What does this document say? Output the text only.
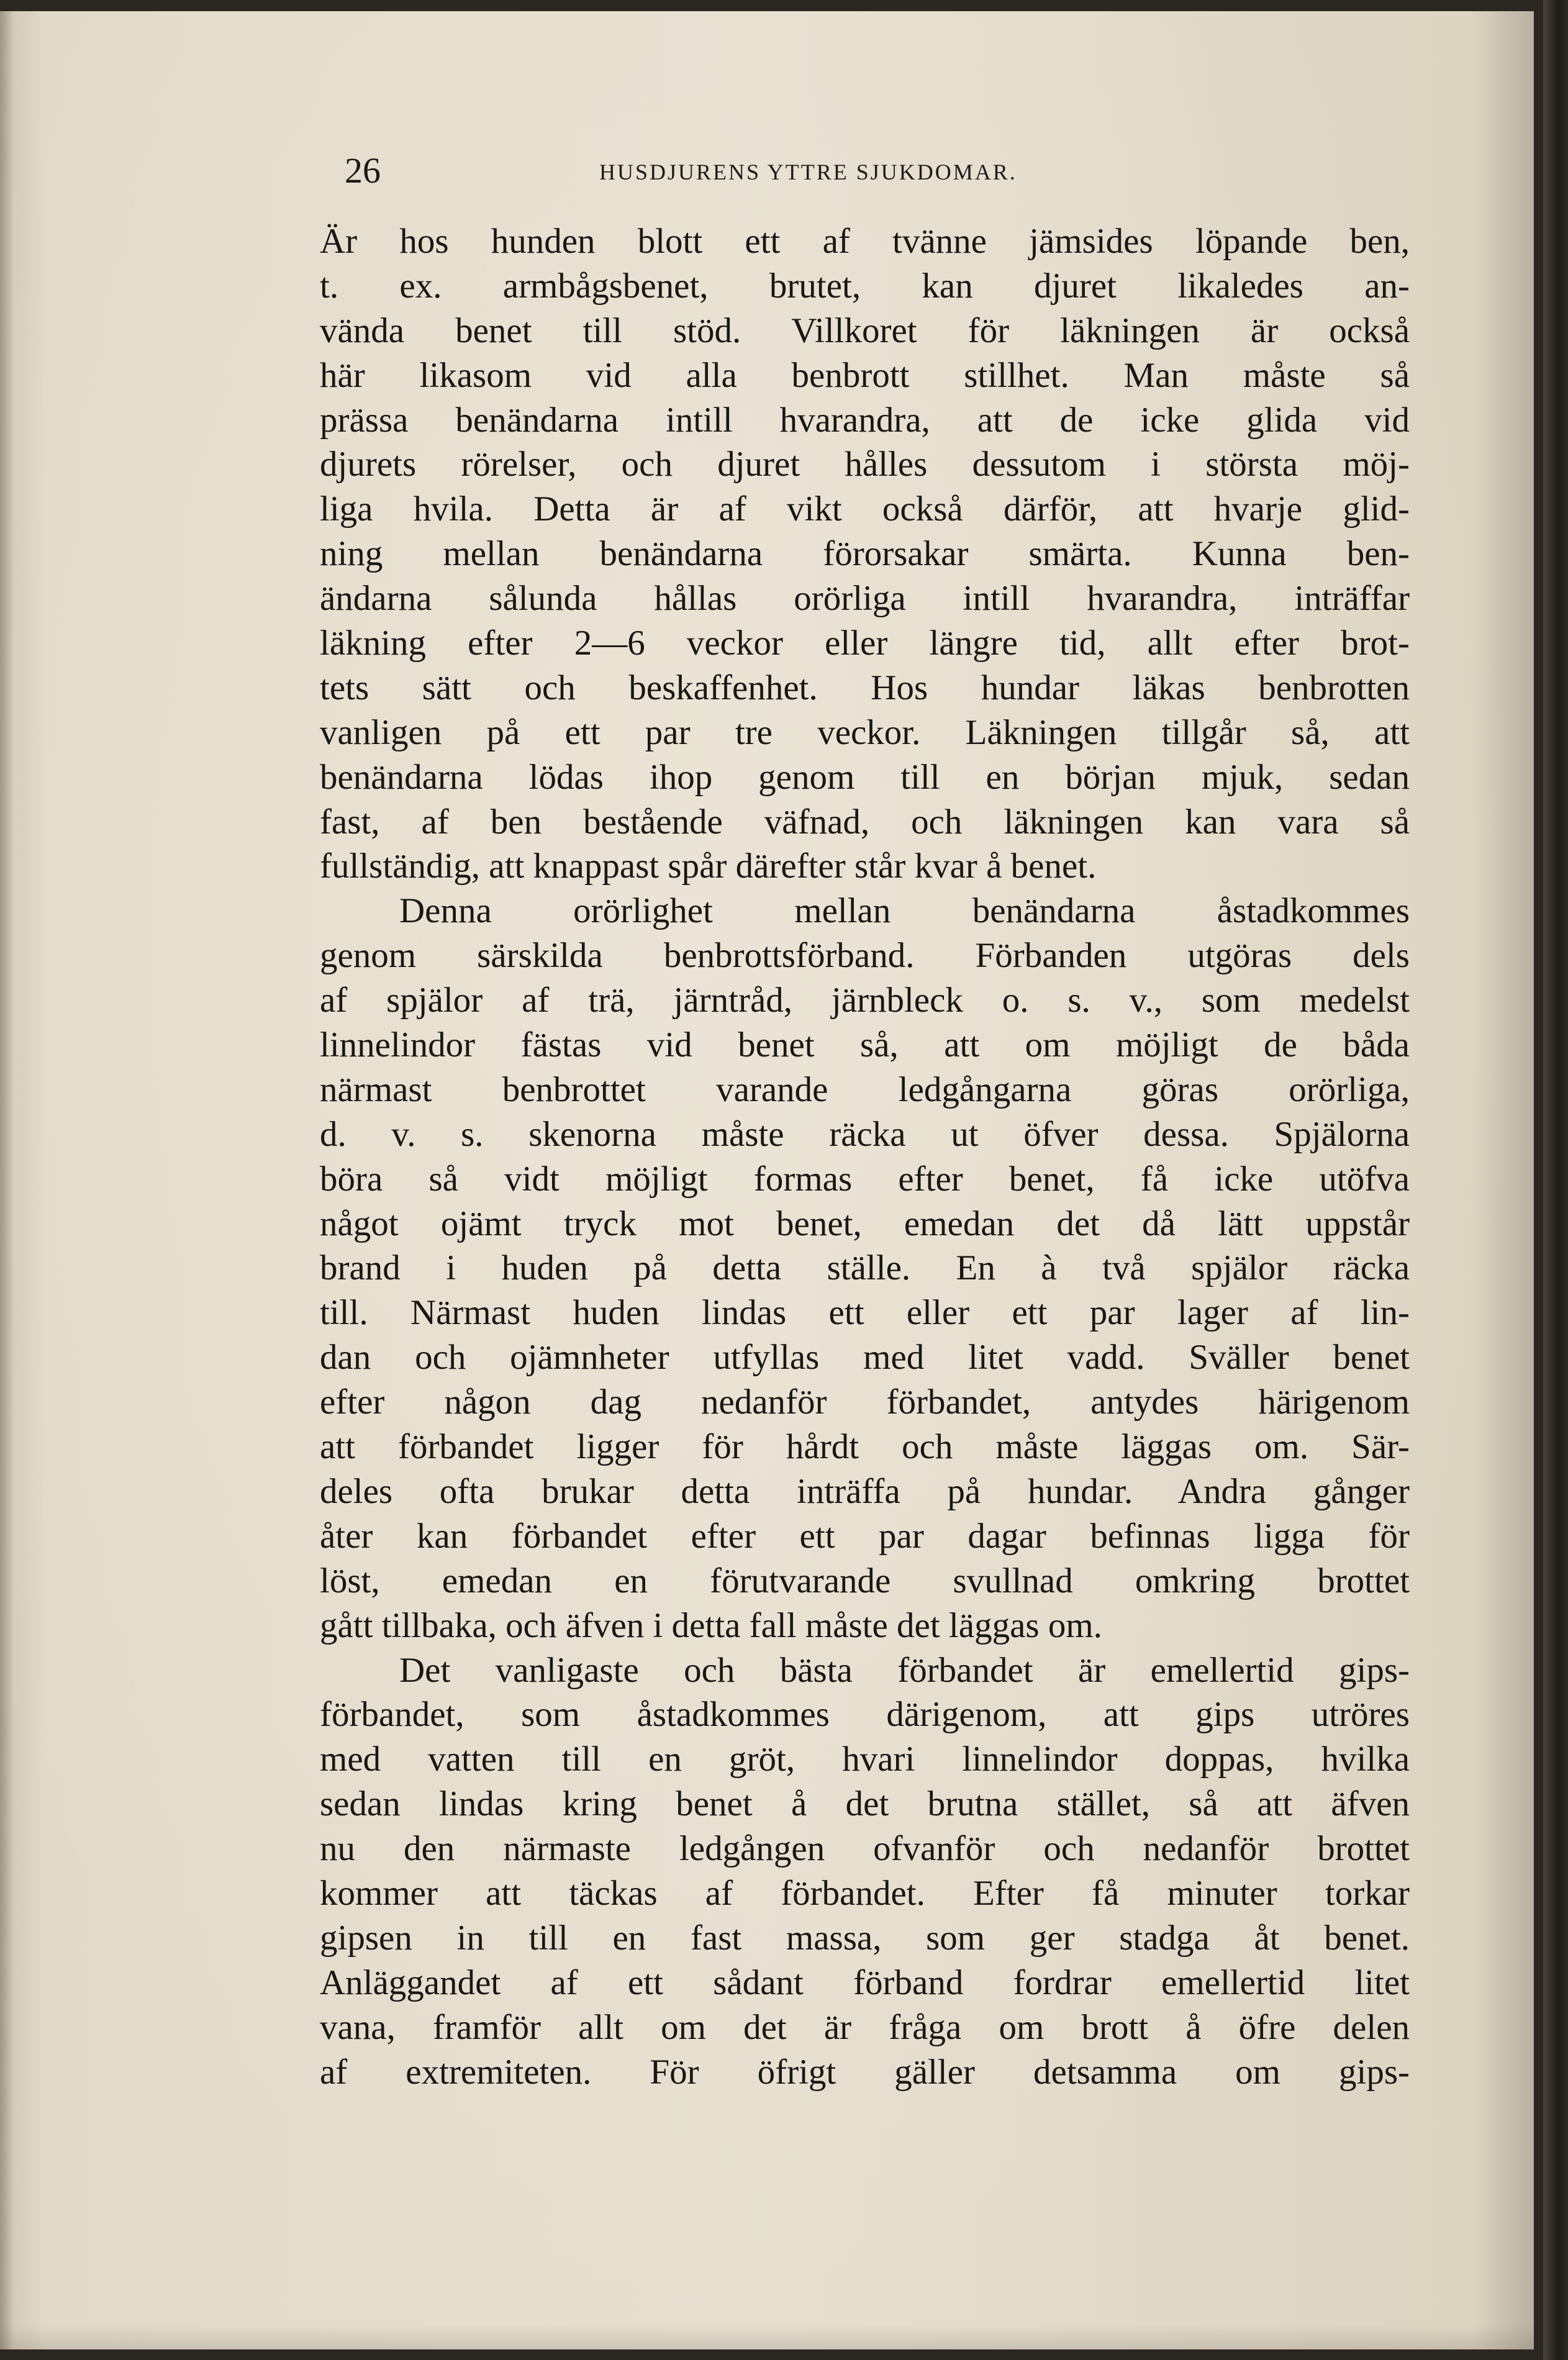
26	HUSDJURENS YTTRE SJUKDOMAR.
Är hos hunden blott ett af tvänne jämsides löpande ben,
t. ex. armbågsbenet, brutet, kan djuret likaledes an-
vända benet till stöd. Villkoret för läkningen är också
här likasom vid alla benbrott stillhet. Man måste så
prässa benändarna intill hvarandra, att de icke glida vid
djurets rörelser, och djuret hålles dessutom i största möj-
liga hvila. Detta är af vikt också därför, att hvarje glid-
ning mellan benändarna förorsakar smärta. Kunna ben-
ändarna sålunda hållas orörliga intill hvarandra, inträffar
läkning efter 2—6 veckor eller längre tid, allt efter brot-
tets sätt och beskaffenhet. Hos hundar läkas benbrotten
vanligen på ett par tre veckor. Läkningen tillgår så, att
benändarna lödas ihop genom till en början mjuk, sedan
fast, af ben bestående väfnad, och läkningen kan vara så
fullständig, att knappast spår därefter står kvar å benet.
Denna orörlighet mellan benändarna åstadkommes
genom särskilda benbrottsförband. Förbanden utgöras dels
af spjälor af trä, järntråd, järnbleck o. s. v., som medelst
linnelindor fästas vid benet så, att om möjligt de båda
närmast benbrottet varande ledgångarna göras orörliga,
d. v. s. skenorna måste räcka ut öfver dessa. Spjälorna
böra så vidt möjligt formas efter benet, få icke utöfva
något ojämt tryck mot benet, emedan det då lätt uppstår
brand i huden på detta ställe. En à två spjälor räcka
till. Närmast huden lindas ett eller ett par lager af lin-
dan och ojämnheter utfyllas med litet vadd. Sväller benet
efter någon dag nedanför förbandet, antydes härigenom
att förbandet ligger för hårdt och måste läggas om. Sär-
deles ofta brukar detta inträffa på hundar. Andra gånger
åter kan förbandet efter ett par dagar befinnas ligga för
löst, emedan en förutvarande svullnad omkring brottet
gått tillbaka, och äfven i detta fall måste det läggas om.
Det vanligaste och bästa förbandet är emellertid gips-
förbandet, som åstadkommes därigenom, att gips utröres
med vatten till en gröt, hvari linnelindor doppas, hvilka
sedan lindas kring benet å det brutna stället, så att äfven
nu den närmaste ledgången ofvanför och nedanför brottet
kommer att täckas af förbandet. Efter få minuter torkar
gipsen in till en fast massa, som ger stadga åt benet.
Anläggandet af ett sådant förband fordrar emellertid litet
vana, framför allt om det är fråga om brott å öfre delen
af extremiteten. För öfrigt gäller detsamma om gips-
